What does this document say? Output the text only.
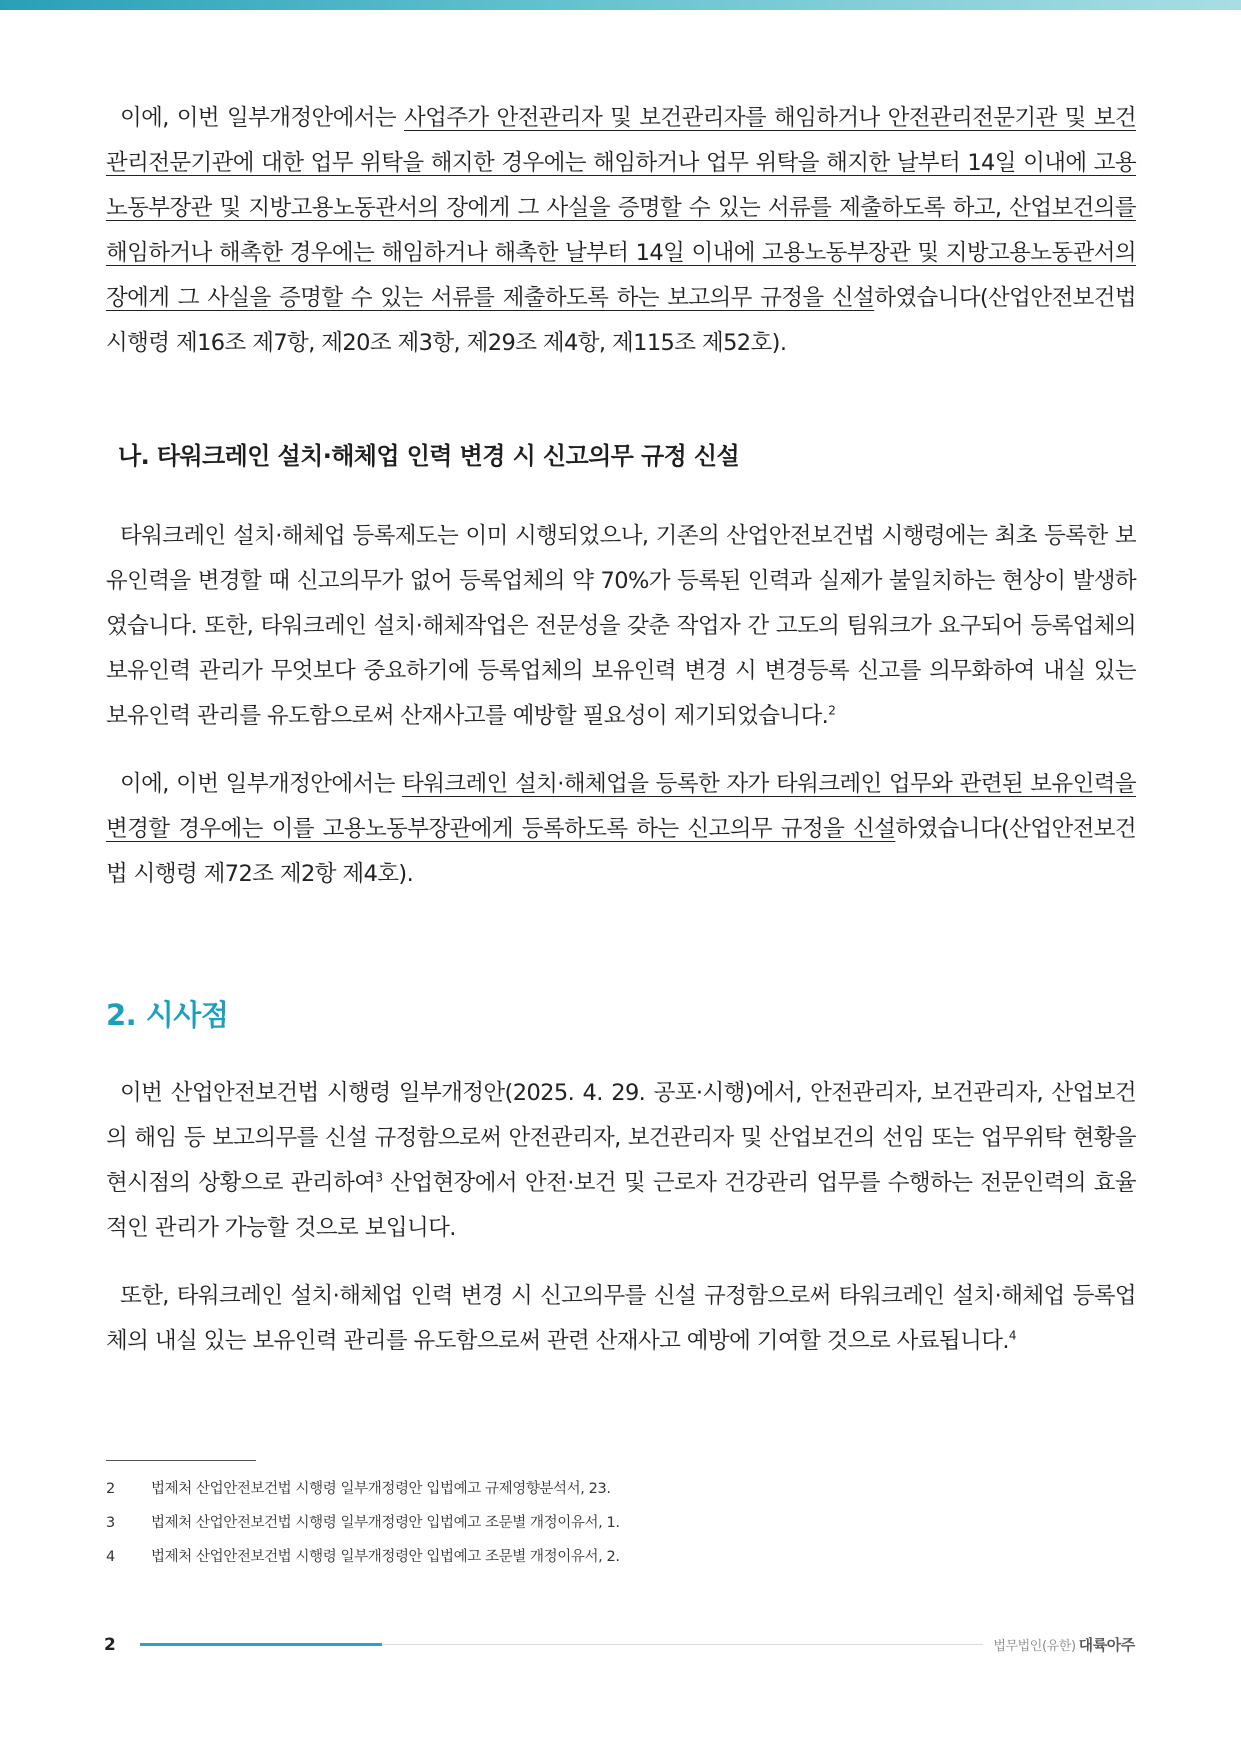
이에, 이번 일부개정안에서는 사업주가 안전관리자 및 보건관리자를 해임하거나 안전관리전문기관 및 보건관리전문기관에 대한 업무 위탁을 해지한 경우에는 해임하거나 업무 위탁을 해지한 날부터 14일 이내에 고용노동부장관 및 지방고용노동관서의 장에게 그 사실을 증명할 수 있는 서류를 제출하도록 하고, 산업보건의를 해임하거나 해촉한 경우에는 해임하거나 해촉한 날부터 14일 이내에 고용노동부장관 및 지방고용노동관서의 장에게 그 사실을 증명할 수 있는 서류를 제출하도록 하는 보고의무 규정을 신설하였습니다(산업안전보건법 시행령 제16조 제7항, 제20조 제3항, 제29조 제4항, 제115조 제52호).

나. 타워크레인 설치·해체업 인력 변경 시 신고의무 규정 신설

타워크레인 설치·해체업 등록제도는 이미 시행되었으나, 기존의 산업안전보건법 시행령에는 최초 등록한 보유인력을 변경할 때 신고의무가 없어 등록업체의 약 70%가 등록된 인력과 실제가 불일치하는 현상이 발생하였습니다. 또한, 타워크레인 설치·해체작업은 전문성을 갖춘 작업자 간 고도의 팀워크가 요구되어 등록업체의 보유인력 관리가 무엇보다 중요하기에 등록업체의 보유인력 변경 시 변경등록 신고를 의무화하여 내실 있는 보유인력 관리를 유도함으로써 산재사고를 예방할 필요성이 제기되었습니다.$^2$

이에, 이번 일부개정안에서는 타워크레인 설치·해체업을 등록한 자가 타워크레인 업무와 관련된 보유인력을 변경할 경우에는 이를 고용노동부장관에게 등록하도록 하는 신고의무 규정을 신설하였습니다(산업안전보건법 시행령 제72조 제2항 제4호).

2. 시사점

이번 산업안전보건법 시행령 일부개정안(2025. 4. 29. 공포·시행)에서, 안전관리자, 보건관리자, 산업보건의 해임 등 보고의무를 신설 규정함으로써 안전관리자, 보건관리자 및 산업보건의 선임 또는 업무위탁 현황을 현시점의 상황으로 관리하여$^3$ 산업현장에서 안전·보건 및 근로자 건강관리 업무를 수행하는 전문인력의 효율적인 관리가 가능할 것으로 보입니다.

또한, 타워크레인 설치·해체업 인력 변경 시 신고의무를 신설 규정함으로써 타워크레인 설치·해체업 등록업체의 내실 있는 보유인력 관리를 유도함으로써 관련 산재사고 예방에 기여할 것으로 사료됩니다.$^4$

2	법제처 산업안전보건법 시행령 일부개정령안 입법예고 규제영향분석서, 23.
3	법제처 산업안전보건법 시행령 일부개정령안 입법예고 조문별 개정이유서, 1.
4	법제처 산업안전보건법 시행령 일부개정령안 입법예고 조문별 개정이유서, 2.
2	법무법인(유한) 대륙아주
